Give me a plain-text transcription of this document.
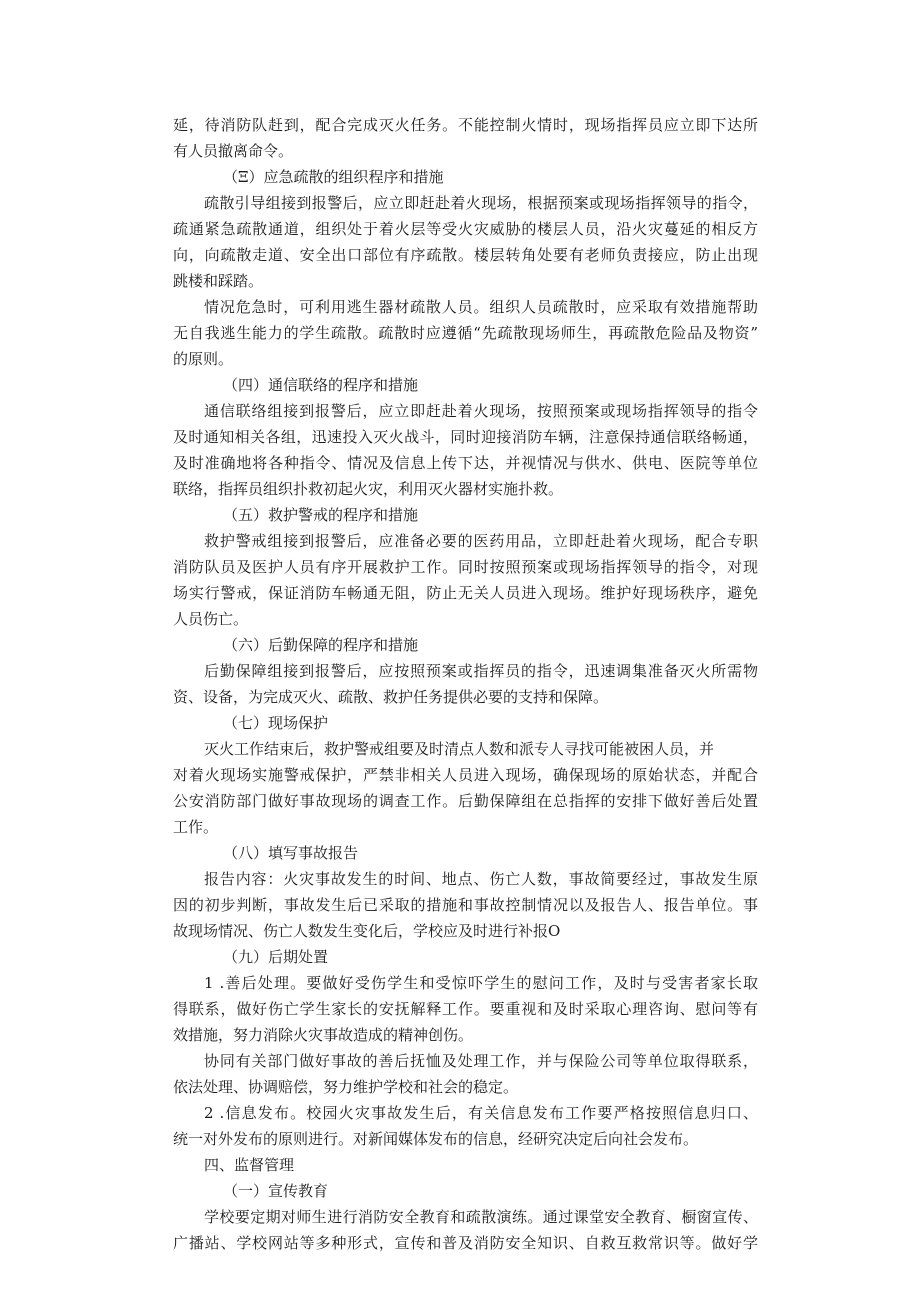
延，待消防队赶到，配合完成灭火任务。不能控制火情时，现场指挥员应立即下达所

有人员撤离命令。

（Ξ）应急疏散的组织程序和措施

疏散引导组接到报警后，应立即赶赴着火现场，根据预案或现场指挥领导的指令，

疏通紧急疏散通道，组织处于着火层等受火灾威胁的楼层人员，沿火灾蔓延的相反方

向，向疏散走道、安全出口部位有序疏散。楼层转角处要有老师负责接应，防止出现

跳楼和踩踏。

情况危急时，可利用逃生器材疏散人员。组织人员疏散时，应采取有效措施帮助

无自我逃生能力的学生疏散。疏散时应遵循“先疏散现场师生，再疏散危险品及物资”

的原则。

（四）通信联络的程序和措施

通信联络组接到报警后，应立即赶赴着火现场，按照预案或现场指挥领导的指令

及时通知相关各组，迅速投入灭火战斗，同时迎接消防车辆，注意保持通信联络畅通，

及时准确地将各种指令、情况及信息上传下达，并视情况与供水、供电、医院等单位

联络，指挥员组织扑救初起火灾，利用灭火器材实施扑救。

（五）救护警戒的程序和措施

救护警戒组接到报警后，应准备必要的医药用品，立即赶赴着火现场，配合专职

消防队员及医护人员有序开展救护工作。同时按照预案或现场指挥领导的指令，对现

场实行警戒，保证消防车畅通无阻，防止无关人员进入现场。维护好现场秩序，避免

人员伤亡。

（六）后勤保障的程序和措施

后勤保障组接到报警后，应按照预案或指挥员的指令，迅速调集准备灭火所需物

资、设备，为完成灭火、疏散、救护任务提供必要的支持和保障。

（七）现场保护

灭火工作结束后，救护警戒组要及时清点人数和派专人寻找可能被困人员，并

对着火现场实施警戒保护，严禁非相关人员进入现场，确保现场的原始状态，并配合

公安消防部门做好事故现场的调查工作。后勤保障组在总指挥的安排下做好善后处置

工作。

（八）填写事故报告

报告内容：火灾事故发生的时间、地点、伤亡人数，事故简要经过，事故发生原

因的初步判断，事故发生后已采取的措施和事故控制情况以及报告人、报告单位。事

故现场情况、伤亡人数发生变化后，学校应及时进行补报O

（九）后期处置

1 .善后处理。要做好受伤学生和受惊吓学生的慰问工作，及时与受害者家长取

得联系，做好伤亡学生家长的安抚解释工作。要重视和及时采取心理咨询、慰问等有

效措施，努力消除火灾事故造成的精神创伤。

协同有关部门做好事故的善后抚恤及处理工作，并与保险公司等单位取得联系，

依法处理、协调赔偿，努力维护学校和社会的稳定。

2 .信息发布。校园火灾事故发生后，有关信息发布工作要严格按照信息归口、

统一对外发布的原则进行。对新闻媒体发布的信息，经研究决定后向社会发布。

四、监督管理

（一）宣传教育

学校要定期对师生进行消防安全教育和疏散演练。通过课堂安全教育、橱窗宣传、

广播站、学校网站等多种形式，宣传和普及消防安全知识、自救互救常识等。做好学
